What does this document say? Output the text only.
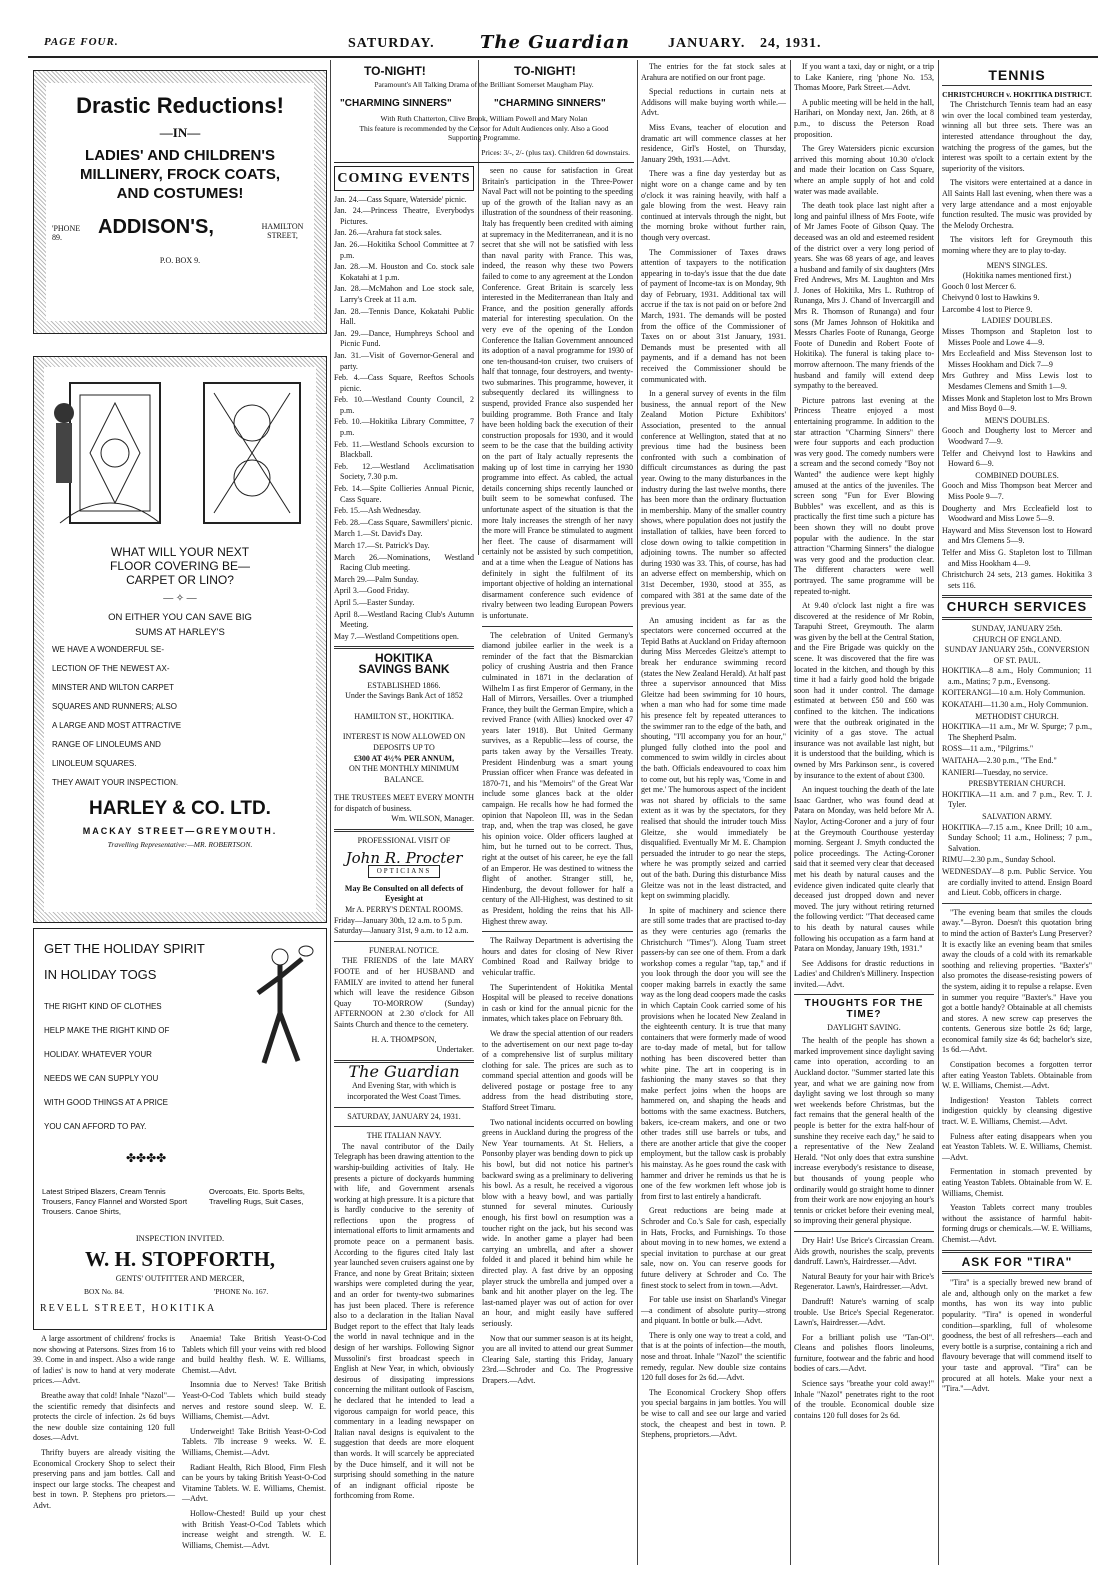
PAGE FOUR.	SATURDAY.	The Guardian	JANUARY. 24, 1931.
Drastic Reductions!
—IN—
LADIES' AND CHILDREN'S
MILLINERY, FROCK COATS,
AND COSTUMES!
'PHONE 89.	ADDISON'S,	HAMILTON STREET,
P.O. BOX 9.
WHAT WILL YOUR NEXT
FLOOR COVERING BE—
CARPET OR LINO?
— ✧ —
ON EITHER YOU CAN SAVE BIG
SUMS AT HARLEY'S
WE HAVE A WONDERFUL SE-
LECTION OF THE NEWEST AX-
MINSTER AND WILTON CARPET
SQUARES AND RUNNERS; ALSO
A LARGE AND MOST ATTRACTIVE
RANGE OF LINOLEUMS AND
LINOLEUM SQUARES.
THEY AWAIT YOUR INSPECTION.
HARLEY & CO. LTD.
MACKAY STREET—GREYMOUTH.
Travelling Representative:—MR. ROBERTSON.
GET THE HOLIDAY SPIRIT
IN HOLIDAY TOGS
THE RIGHT KIND OF CLOTHES
HELP MAKE THE RIGHT KIND OF
HOLIDAY. WHATEVER YOUR
NEEDS WE CAN SUPPLY YOU
WITH GOOD THINGS AT A PRICE
YOU CAN AFFORD TO PAY.
✤✤✤✤
Latest Striped Blazers, Cream Tennis Trousers, Fancy Flannel and Worsted Sport Trousers. Canoe Shirts,
Overcoats, Etc. Sports Belts, Travelling Rugs, Suit Cases,
INSPECTION INVITED.
W. H. STOPFORTH,
GENTS' OUTFITTER AND MERCER,
BOX No. 84.	'PHONE No. 167.
REVELL STREET, HOKITIKA

A large assortment of childrens' frocks is now showing at Patersons. Sizes from 16 to 39. Come in and inspect. Also a wide range of ladies' is now to hand at very moderate prices.—Advt.

Breathe away that cold! Inhale "Nazol"—the scientific remedy that disinfects and protects the circle of infection. 2s 6d buys the new double size containing 120 full doses.—Advt.

Thrifty buyers are already visiting the Economical Crockery Shop to select their preserving pans and jam bottles. Call and inspect our large stocks. The cheapest and best in town. P. Stephens pro prietors.—Advt.

Anaemia! Take British Yeast-O-Cod Tablets which fill your veins with red blood and build healthy flesh. W. E. Williams, Chemist.—Advt.

Insomnia due to Nerves! Take British Yeast-O-Cod Tablets which build steady nerves and restore sound sleep. W. E. Williams, Chemist.—Advt.

Underweight! Take British Yeast-O-Cod Tablets. 7lb increase 9 weeks. W. E. Williams, Chemist.—Advt.

Radiant Health, Rich Blood, Firm Flesh can be yours by taking British Yeast-O-Cod Vitamine Tablets. W. E. Williams, Chemist.—Advt.

Hollow-Chested! Build up your chest with British Yeast-O-Cod Tablets which increase weight and strength. W. E. Williams, Chemist.—Advt.

TO-NIGHT!	TO-NIGHT!
Paramount's All Talking Drama of the Brilliant Somerset Maugham Play.
"CHARMING SINNERS"	"CHARMING SINNERS"
With Ruth Chatterton, Clive Brook, William Powell and Mary Nolan
This feature is recommended by the Censor for Adult Audiences only. Also a Good Supporting Programme.
Prices: 3/-, 2/- (plus tax). Children 6d downstairs.
COMING EVENTS
Jan. 24.—Cass Square, Waterside' picnic.
Jan. 24.—Princess Theatre, Everybodys Pictures.
Jan. 26.—Arahura fat stock sales.
Jan. 26.—Hokitika School Committee at 7 p.m.
Jan. 28.—M. Houston and Co. stock sale Kokatahi at 1 p.m.
Jan. 28.—McMahon and Loe stock sale, Larry's Creek at 11 a.m.
Jan. 28.—Tennis Dance, Kokatahi Public Hall.
Jan. 29.—Dance, Humphreys School and Picnic Fund.
Jan. 31.—Visit of Governor-General and party.
Feb. 4.—Cass Square, Reeftos Schools picnic.
Feb. 10.—Westland County Council, 2 p.m.
Feb. 10.—Hokitika Library Committee, 7 p.m.
Feb. 11.—Westland Schools excursion to Blackball.
Feb. 12.—Westland Acclimatisation Society, 7.30 p.m.
Feb. 14.—Spite Collieries Annual Picnic, Cass Square.
Feb. 15.—Ash Wednesday.
Feb. 28.—Cass Square, Sawmillers' picnic.
March 1.—St. David's Day.
March 17.—St. Patrick's Day.
March 26.—Nominations, Westland Racing Club meeting.
March 29.—Palm Sunday.
April 3.—Good Friday.
April 5.—Easter Sunday.
April 8.—Westland Racing Club's Autumn Meeting.
May 7.—Westland Competitions open.
HOKITIKA
SAVINGS BANK
ESTABLISHED 1866.
Under the Savings Bank Act of 1852
HAMILTON ST., HOKITIKA.
INTEREST IS NOW ALLOWED ON DEPOSITS UP TO
£300 AT 4½% PER ANNUM,
ON THE MONTHLY MINIMUM BALANCE.
THE TRUSTEES MEET EVERY MONTH for dispatch of business.
Wm. WILSON, Manager.
PROFESSIONAL VISIT OF
John R. Procter
OPTICIANS
May Be Consulted on all defects of Eyesight at
Mr A. PERRY'S DENTAL ROOMS.
Friday—January 30th, 12 a.m. to 5 p.m.
Saturday—January 31st, 9 a.m. to 12 a.m.
FUNERAL NOTICE.

THE FRIENDS of the late MARY FOOTE and of her HUSBAND and FAMILY are invited to attend her funeral which will leave the residence Gibson Quay TO-MORROW (Sunday) AFTERNOON at 2.30 o'clock for All Saints Church and thence to the cemetery.

H. A. THOMPSON,
Undertaker.
The Guardian
And Evening Star, with which is incorporated the West Coast Times.
SATURDAY, JANUARY 24, 1931.
THE ITALIAN NAVY.

The naval contributor of the Daily Telegraph has been drawing attention to the warship-building activities of Italy. He presents a picture of dockyards humming with life, and Government arsenals working at high pressure. It is a picture that is hardly conducive to the serenity of reflections upon the progress of international efforts to limit armaments and promote peace on a permanent basis. According to the figures cited Italy last year launched seven cruisers against one by France, and none by Great Britain; sixteen warships were completed during the year, and an order for twenty-two submarines has just been placed. There is reference also to a declaration in the Italian Naval Budget report to the effect that Italy leads the world in naval technique and in the design of her warships. Following Signor Mussolini's first broadcast speech in English at New Year, in which, obviously desirous of dissipating impressions concerning the militant outlook of Fascism, he declared that he intended to lead a vigorous campaign for world peace, this commentary in a leading newspaper on Italian naval designs is equivalent to the suggestion that deeds are more eloquent than words. It will scarcely be appreciated by the Duce himself, and it will not be surprising should something in the nature of an indignant official riposte be forthcoming from Rome.

seen no cause for satisfaction in Great Britain's participation in the Three-Power Naval Pact will not be pointing to the speeding up of the growth of the Italian navy as an illustration of the soundness of their reasoning. Italy has frequently been credited with aiming at supremacy in the Mediterranean, and it is no secret that she will not be satisfied with less than naval parity with France. This was, indeed, the reason why these two Powers failed to come to any agreement at the London Conference. Great Britain is scarcely less interested in the Mediterranean than Italy and France, and the position generally affords material for interesting speculation. On the very eve of the opening of the London Conference the Italian Government announced its adoption of a naval programme for 1930 of one ten-thousand-ton cruiser, two cruisers of half that tonnage, four destroyers, and twenty-two submarines. This programme, however, it subsequently declared its willingness to suspend, provided France also suspended her building programme. Both France and Italy have been holding back the execution of their construction proposals for 1930, and it would seem to be the case that the building activity on the part of Italy actually represents the making up of lost time in carrying her 1930 programme into effect. As cabled, the actual details concerning ships recently launched or built seem to be somewhat confused. The unfortunate aspect of the situation is that the more Italy increases the strength of her navy the more will France be stimulated to augment her fleet. The cause of disarmament will certainly not be assisted by such competition, and at a time when the League of Nations has definitely in sight the fulfilment of its important objective of holding an international disarmament conference such evidence of rivalry between two leading European Powers is unfortunate.

The celebration of United Germany's diamond jubilee earlier in the week is a reminder of the fact that the Bismarckian policy of crushing Austria and then France culminated in 1871 in the declaration of Wilhelm I as first Emperor of Germany, in the Hall of Mirrors, Versailles. Over a triumphed France, they built the German Empire, which a revived France (with Allies) knocked over 47 years later 1918). But United Germany survives, as a Republic—less of course, the parts taken away by the Versailles Treaty. President Hindenburg was a smart young Prussian officer when France was defeated in 1870-71, and his "Memoirs" of the Great War include some glances back at the older campaign. He recalls how he had formed the opinion that Napoleon III, was in the Sedan trap, and, when the trap was closed, he gave his opinion voice. Older officers laughed at him, but he turned out to be correct. Thus, right at the outset of his career, he eye the fall of an Emperor. He was destined to witness the flight of another. Stranger still, he, Hindenburg, the devout follower for half a century of the All-Highest, was destined to sit as President, holding the reins that his All-Highest threw away.

The Railway Department is advertising the hours and dates for closing of New River Combined Road and Railway bridge to vehicular traffic.

The Superintendent of Hokitika Mental Hospital will be pleased to receive donations in cash or kind for the annual picnic for the inmates, which takes place on February 8th.

We draw the special attention of our readers to the advertisement on our next page to-day of a comprehensive list of surplus military clothing for sale. The prices are such as to command special attention and goods will be delivered postage or postage free to any address from the head distributing store, Stafford Street Timaru.

Two national incidents occurred on bowling greens in Auckland during the progress of the New Year tournaments. At St. Heliers, a Ponsonby player was bending down to pick up his bowl, but did not notice his partner's backward swing as a preliminary to delivering his bowl. As a result, he received a vigorous blow with a heavy bowl, and was partially stunned for several minutes. Curiously enough, his first bowl on resumption was a toucher right on the jack, but his second was wide. In another game a player had been carrying an umbrella, and after a shower folded it and placed it behind him while he directed play. A fast drive by an opposing player struck the umbrella and jumped over a bank and hit another player on the leg. The last-named player was out of action for over an hour, and might easily have suffered seriously.

Now that our summer season is at its height, you are all invited to attend our great Summer Clearing Sale, starting this Friday, January 23rd.—Schroder and Co. The Progressive Drapers.—Advt.

The entries for the fat stock sales at Arahura are notified on our front page.

Special reductions in curtain nets at Addisons will make buying worth while.—Advt.

Miss Evans, teacher of elocution and dramatic art will commence classes at her residence, Girl's Hostel, on Thursday, January 29th, 1931.—Advt.

There was a fine day yesterday but as night wore on a change came and by ten o'clock it was raining heavily, with half a gale blowing from the west. Heavy rain continued at intervals through the night, but the morning broke without further rain, though very overcast.

The Commissioner of Taxes draws attention of taxpayers to the notification appearing in to-day's issue that the due date of payment of Income-tax is on Monday, 9th day of February, 1931. Additional tax will accrue if the tax is not paid on or before 2nd March, 1931. The demands will be posted from the office of the Commissioner of Taxes on or about 31st January, 1931. Demands must be presented with all payments, and if a demand has not been received the Commissioner should be communicated with.

In a general survey of events in the film business, the annual report of the New Zealand Motion Picture Exhibitors' Association, presented to the annual conference at Wellington, stated that at no previous time had the business been confronted with such a combination of difficult circumstances as during the past year. Owing to the many disturbances in the industry during the last twelve months, there has been more than the ordinary fluctuation in membership. Many of the smaller country shows, where population does not justify the installation of talkies, have been forced to close down owing to talkie competition in adjoining towns. The number so affected during 1930 was 33. This, of course, has had an adverse effect on membership, which on 31st December, 1930, stood at 355, as compared with 381 at the same date of the previous year.

An amusing incident as far as the spectators were concerned occurred at the Tepid Baths at Auckland on Friday afternoon during Miss Mercedes Gleitze's attempt to break her endurance swimming record (states the New Zealand Herald). At half past three a supervisor announced that Miss Gleitze had been swimming for 10 hours, when a man who had for some time made his presence felt by repeated utterances to the swimmer ran to the edge of the bath, and shouting, "I'll accompany you for an hour," plunged fully clothed into the pool and commenced to swim wildly in circles about the bath. Officials endeavoured to coax him to come out, but his reply was, 'Come in and get me.' The humorous aspect of the incident was not shared by officials to the same extent as it was by the spectators, for they realised that should the intruder touch Miss Gleitze, she would immediately be disqualified. Eventually Mr M. E. Champion persuaded the intruder to go near the steps, where he was promptly seized and carried out of the bath. During this disturbance Miss Gleitze was not in the least distracted, and kept on swimming placidly.

In spite of machinery and science there are still some trades that are practised to-day as they were centuries ago (remarks the Christchurch "Times"). Along Tuam street passers-by can see one of them. From a dark workshop comes a regular "tap, tap," and if you look through the door you will see the cooper making barrels in exactly the same way as the long dead coopers made the casks in which Captain Cook carried some of his provisions when he located New Zealand in the eighteenth century. It is true that many containers that were formerly made of wood are to-day made of metal, but for tallow nothing has been discovered better than white pine. The art in coopering is in fashioning the many staves so that they make perfect joins when the hoops are hammered on, and shaping the heads and bottoms with the same exactness. Butchers, bakers, ice-cream makers, and one or two other trades still use barrels or tubs, and there are another article that give the cooper employment, but the tallow cask is probably his mainstay. As he goes round the cask with hammer and driver he reminds us that he is one of the few workmen left whose job is from first to last entirely a handicraft.

Great reductions are being made at Schroder and Co.'s Sale for cash, especially in Hats, Frocks, and Furnishings. To those about moving in to new homes, we extend a special invitation to purchase at our great sale, now on. You can reserve goods for future delivery at Schroder and Co. The finest stock to select from in town.—Advt.

For table use insist on Sharland's Vinegar—a condiment of absolute purity—strong and piquant. In bottle or bulk.—Advt.

There is only one way to treat a cold, and that is at the points of infection—the mouth, nose and throat. Inhale "Nazol" the scientific remedy, regular. New double size contains 120 full doses for 2s 6d.—Advt.

The Economical Crockery Shop offers you special bargains in jam bottles. You will be wise to call and see our large and varied stock, the cheapest and best in town. P. Stephens, proprietors.—Advt.

If you want a taxi, day or night, or a trip to Lake Kaniere, ring 'phone No. 153, Thomas Moore, Park Street.—Advt.

A public meeting will be held in the hall, Harihari, on Monday next, Jan. 26th, at 8 p.m., to discuss the Peterson Road proposition.

The Grey Watersiders picnic excursion arrived this morning about 10.30 o'clock and made their location on Cass Square, where an ample supply of hot and cold water was made available.

The death took place last night after a long and painful illness of Mrs Foote, wife of Mr James Foote of Gibson Quay. The deceased was an old and esteemed resident of the district over a very long period of years. She was 68 years of age, and leaves a husband and family of six daughters (Mrs Fred Andrews, Mrs M. Laughton and Mrs J. Jones of Hokitika, Mrs L. Ruthtrop of Runanga, Mrs J. Chand of Invercargill and Mrs R. Thomson of Runanga) and four sons (Mr James Johnson of Hokitika and Messrs Charles Foote of Runanga, George Foote of Dunedin and Robert Foote of Hokitika). The funeral is taking place to-morrow afternoon. The many friends of the husband and family will extend deep sympathy to the bereaved.

Picture patrons last evening at the Princess Theatre enjoyed a most entertaining programme. In addition to the star attraction "Charming Sinners" there were four supports and each production was very good. The comedy numbers were a scream and the second comedy "Boy not Wanted" the audience were kept highly amused at the antics of the juveniles. The screen song "Fun for Ever Blowing Bubbles" was excellent, and as this is practically the first time such a picture has been shown they will no doubt prove popular with the audience. In the star attraction "Charming Sinners" the dialogue was very good and the production clear. The different characters were well portrayed. The same programme will be repeated to-night.

At 9.40 o'clock last night a fire was discovered at the residence of Mr Robin, Tarapuhi Street, Greymouth. The alarm was given by the bell at the Central Station, and the Fire Brigade was quickly on the scene. It was discovered that the fire was located in the kitchen, and though by this time it had a fairly good hold the brigade soon had it under control. The damage estimated at between £50 and £60 was confined to the kitchen. The indications were that the outbreak originated in the vicinity of a gas stove. The actual insurance was not available last night, but it is understood that the building, which is owned by Mrs Parkinson senr., is covered by insurance to the extent of about £300.

An inquest touching the death of the late Isaac Gardner, who was found dead at Patara on Monday, was held before Mr A. Naylor, Acting-Coroner and a jury of four at the Greymouth Courthouse yesterday morning. Sergeant J. Smyth conducted the police proceedings. The Acting-Coroner said that it seemed very clear that deceased met his death by natural causes and the evidence given indicated quite clearly that deceased just dropped down and never moved. The jury without retiring returned the following verdict: "That deceased came to his death by natural causes while following his occupation as a farm hand at Patara on Monday, January 19th, 1931."

See Addisons for drastic reductions in Ladies' and Children's Millinery. Inspection invited.—Advt.

THOUGHTS FOR THE TIME?
DAYLIGHT SAVING.

The health of the people has shown a marked improvement since daylight saving came into operation, according to an Auckland doctor. "Summer started late this year, and what we are gaining now from daylight saving we lost through so many wet weekends before Christmas, but the fact remains that the general health of the people is better for the extra half-hour of sunshine they receive each day," he said to a representative of the New Zealand Herald. "Not only does that extra sunshine increase everybody's resistance to disease, but thousands of young people who ordinarily would go straight home to dinner from their work are now enjoying an hour's tennis or cricket before their evening meal, so improving their general physique.

Dry Hair! Use Brice's Circassian Cream. Aids growth, nourishes the scalp, prevents dandruff. Lawn's, Hairdresser.—Advt.

Natural Beauty for your hair with Brice's Regenerator. Lawn's, Hairdresser.—Advt.

Dandruff! Nature's warning of scalp trouble. Use Brice's Special Regenerator. Lawn's, Hairdresser.—Advt.

For a brilliant polish use "Tan-Ol". Cleans and polishes floors linoleums, furniture, footwear and the fabric and hood bodies of cars.—Advt.

Science says "breathe your cold away!" Inhale "Nazol" penetrates right to the root of the trouble. Economical double size contains 120 full doses for 2s 6d.

TENNIS
CHRISTCHURCH v. HOKITIKA DISTRICT.

The Christchurch Tennis team had an easy win over the local combined team yesterday, winning all but three sets. There was an interested attendance throughout the day, watching the progress of the games, but the interest was spoilt to a certain extent by the superiority of the visitors.

The visitors were entertained at a dance in All Saints Hall last evening, when there was a very large attendance and a most enjoyable function resulted. The music was provided by the Melody Orchestra.

The visitors left for Greymouth this morning where they are to play to-day.

MEN'S SINGLES.
(Hokitika names mentioned first.)
Gooch 0 lost Mercer 6.
Cheivynd 0 lost to Hawkins 9.
Larcombe 4 lost to Pierce 9.
LADIES' DOUBLES.
Misses Thompson and Stapleton lost to Misses Poole and Lowe 4—9.
Mrs Eccleafield and Miss Stevenson lost to Misses Hookham and Dick 7—9
Mrs Guthrey and Miss Lewis lost to Mesdames Clemens and Smith 1—9.
Misses Monk and Stapleton lost to Mrs Brown and Miss Boyd 0—9.
MEN'S DOUBLES.
Gooch and Dougherty lost to Mercer and Woodward 7—9.
Telfer and Cheivynd lost to Hawkins and Howard 6—9.
COMBINED DOUBLES.
Gooch and Miss Thompson beat Mercer and Miss Poole 9—7.
Dougherty and Mrs Eccleafield lost to Woodward and Miss Lowe 5—9.
Hayward and Miss Stevenson lost to Howard and Mrs Clemens 5—9.
Telfer and Miss G. Stapleton lost to Tillman and Miss Hookham 4—9.
Christchurch 24 sets, 213 games. Hokitika 3 sets 116.
CHURCH SERVICES
SUNDAY, JANUARY 25th.
CHURCH OF ENGLAND.
SUNDAY JANUARY 25th., CONVERSION OF ST. PAUL.
HOKITIKA—8 a.m., Holy Communion; 11 a.m., Matins; 7 p.m., Evensong.
KOITERANGI—10 a.m. Holy Communion.
KOKATAHI—11.30 a.m., Holy Communion.
METHODIST CHURCH.
HOKITIKA—11 a.m., Mr W. Spurge; 7 p.m., The Shepherd Psalm.
ROSS—11 a.m., "Pilgrims."
WAITAHA—2.30 p.m., "The End."
KANIERI—Tuesday, no service.
PRESBYTERIAN CHURCH.
HOKITIKA—11 a.m. and 7 p.m., Rev. T. J. Tyler.
SALVATION ARMY.
HOKITIKA—7.15 a.m., Knee Drill; 10 a.m., Sunday School; 11 a.m., Holiness; 7 p.m., Salvation.
RIMU—2.30 p.m., Sunday School.
WEDNESDAY—8 p.m. Public Service. You are cordially invited to attend. Ensign Board and Lieut. Cobb, officers in charge.

"The evening beam that smiles the clouds away."—Byron. Doesn't this quotation bring to mind the action of Baxter's Lung Preserver? It is exactly like an evening beam that smiles away the clouds of a cold with its remarkable soothing and relieving properties. "Baxter's" also promotes the disease-resisting powers of the system, aiding it to repulse a relapse. Even in summer you require "Baxter's." Have you got a bottle handy? Obtainable at all chemists and stores. A new screw cap preserves the contents. Generous size bottle 2s 6d; large, economical family size 4s 6d; bachelor's size, 1s 6d.—Advt.

Constipation becomes a forgotten terror after eating Yeaston Tablets. Obtainable from W. E. Williams, Chemist.—Advt.

Indigestion! Yeaston Tablets correct indigestion quickly by cleansing digestive tract. W. E. Williams, Chemist.—Advt.

Fulness after eating disappears when you eat Yeaston Tablets. W. E. Williams, Chemist.—Advt.

Fermentation in stomach prevented by eating Yeaston Tablets. Obtainable from W. E. Williams, Chemist.

Yeaston Tablets correct many troubles without the assistance of harmful habit-forming drugs or chemicals.—W. E. Williams, Chemist.—Advt.

ASK FOR "TIRA"

"Tira" is a specially brewed new brand of ale and, although only on the market a few months, has won its way into public popularity. "Tira" is opened in wonderful condition—sparkling, full of wholesome goodness, the best of all refreshers—each and every bottle is a surprise, containing a rich and flavoury beverage that will commend itself to your taste and approval. "Tira" can be procured at all hotels. Make your next a "Tira."—Advt.
